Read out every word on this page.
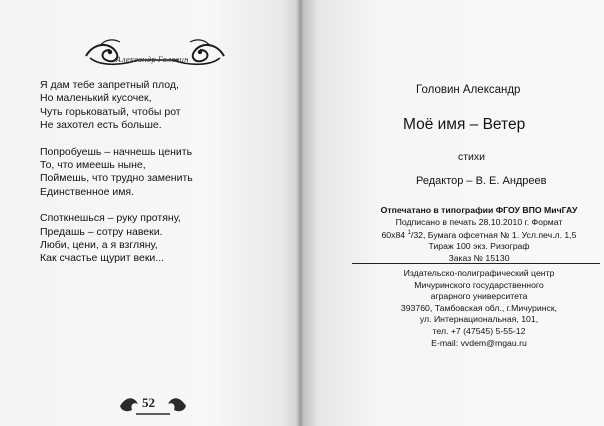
Александр Головин
Я дам тебе запретный плод,
Но маленький кусочек,
Чуть горьковатый, чтобы рот
Не захотел есть больше.
Попробуешь – начнешь ценить
То, что имеешь ныне,
Поймешь, что трудно заменить
Единственное имя.
Споткнешься – руку протяну,
Предашь – сотру навеки.
Люби, цени, а я взгляну,
Как счастье щурит веки...
52
Головин Александр
Моё имя – Ветер
стихи
Редактор – В. Е. Андреев
Отпечатано в типографии ФГОУ ВПО МичГАУ
Подписано в печать 28.10.2010 г. Формат
60х84 $^1$/32, Бумага офсетная № 1. Усл.печ.л. 1,5
Тираж 100 экз. Ризограф
Заказ № 15130
Издательско-полиграфический центр
Мичуринского государственного
аграрного университета
393760, Тамбовская обл., г.Мичуринск,
ул. Интернациональная, 101,
тел. +7 (47545) 5-55-12
E-mail: vvdem@mgau.ru
